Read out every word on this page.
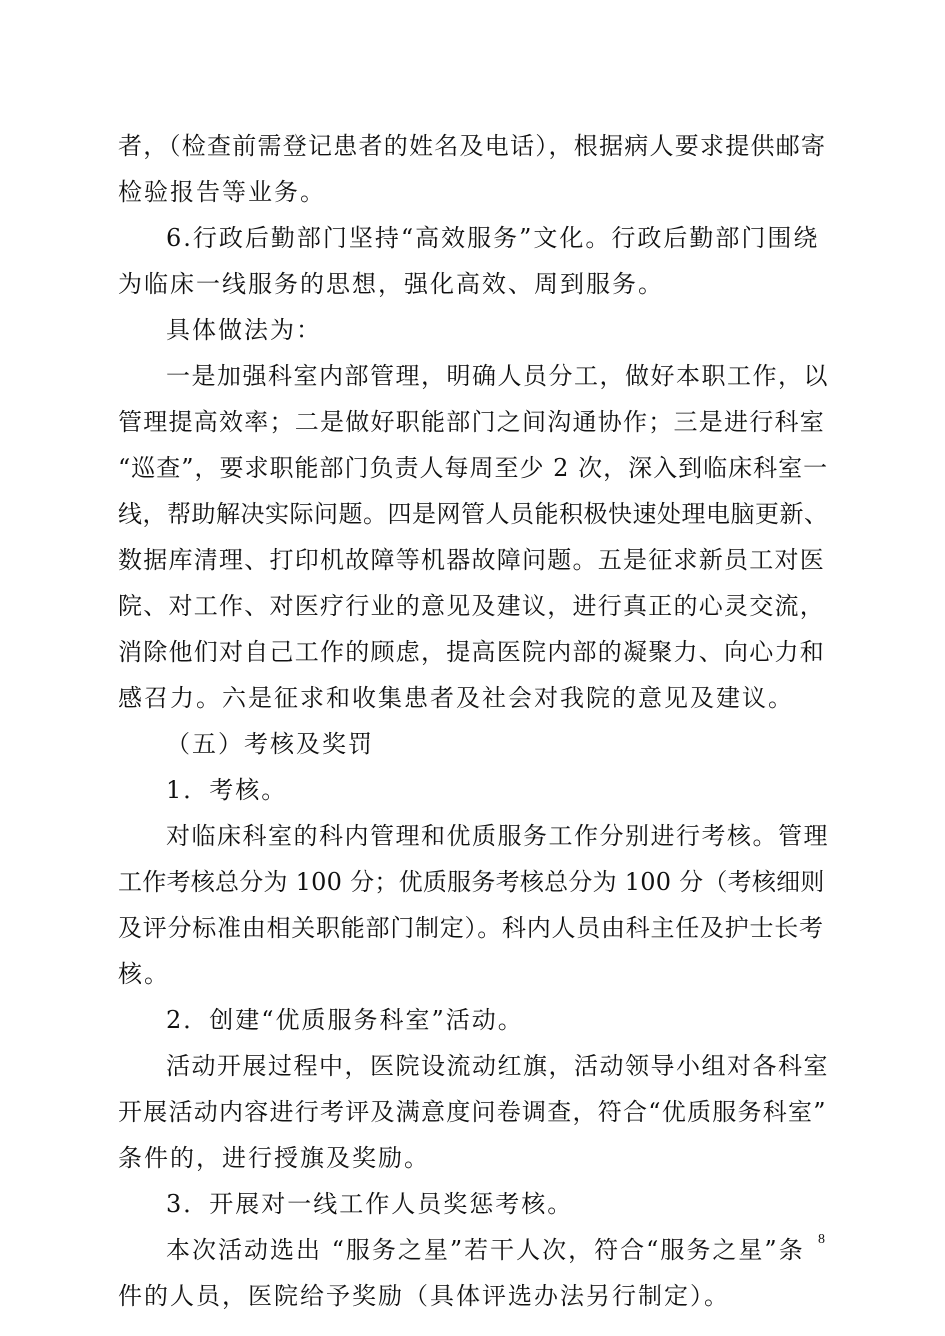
者，（检查前需登记患者的姓名及电话），根据病人要求提供邮寄
检验报告等业务。
6.行政后勤部门坚持“高效服务”文化。行政后勤部门围绕
为临床一线服务的思想，强化高效、周到服务。
具体做法为：
一是加强科室内部管理，明确人员分工，做好本职工作，以
管理提高效率；二是做好职能部门之间沟通协作；三是进行科室
“巡查”，要求职能部门负责人每周至少 2 次，深入到临床科室一
线，帮助解决实际问题。四是网管人员能积极快速处理电脑更新、
数据库清理、打印机故障等机器故障问题。五是征求新员工对医
院、对工作、对医疗行业的意见及建议，进行真正的心灵交流，
消除他们对自己工作的顾虑，提高医院内部的凝聚力、向心力和
感召力。六是征求和收集患者及社会对我院的意见及建议。
（五）考核及奖罚
1．考核。
对临床科室的科内管理和优质服务工作分别进行考核。管理
工作考核总分为 100 分；优质服务考核总分为 100 分（考核细则
及评分标准由相关职能部门制定）。科内人员由科主任及护士长考
核。
2．创建“优质服务科室”活动。
活动开展过程中，医院设流动红旗，活动领导小组对各科室
开展活动内容进行考评及满意度问卷调查，符合“优质服务科室”
条件的，进行授旗及奖励。
3．开展对一线工作人员奖惩考核。
本次活动选出 “服务之星”若干人次，符合“服务之星”条
件的人员，医院给予奖励（具体评选办法另行制定）。
8
